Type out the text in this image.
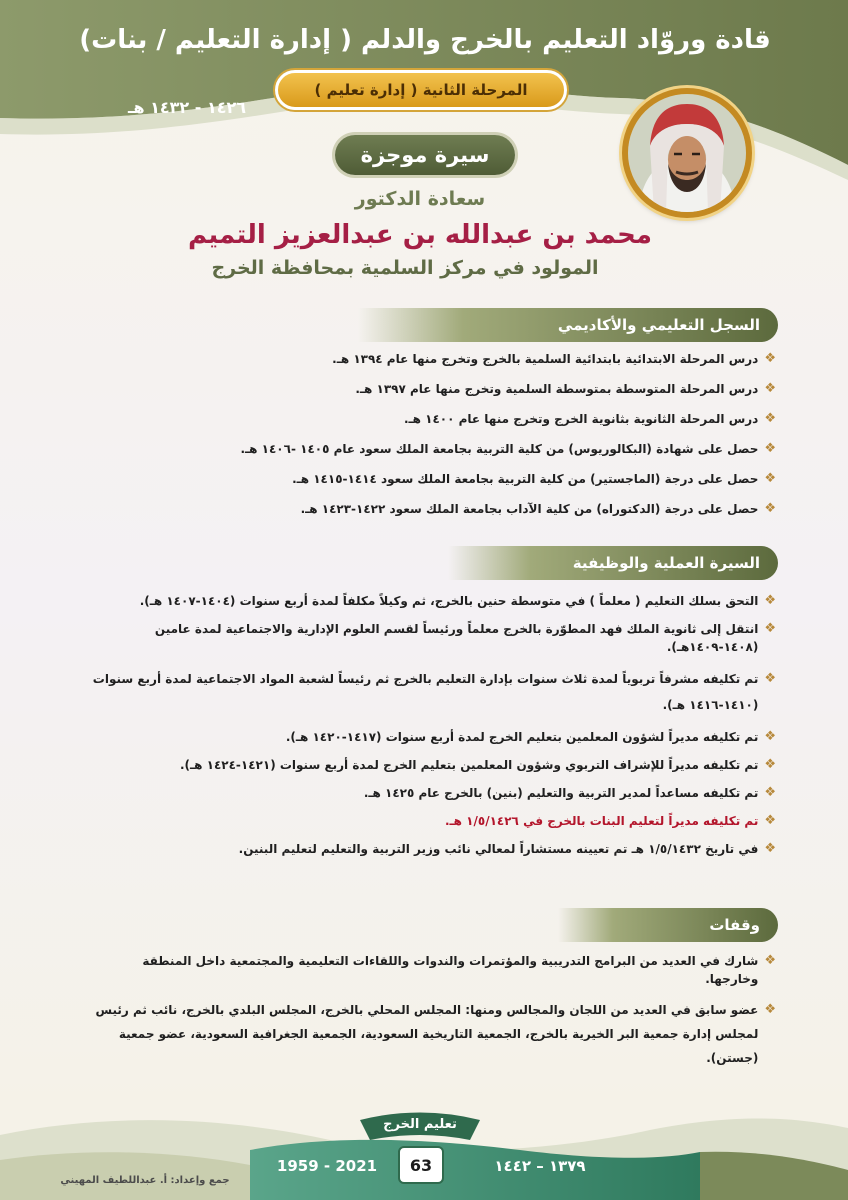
قادة وروّاد التعليم بالخرج والدلم ( إدارة التعليم / بنات)
المرحلة الثانية ( إدارة تعليم )
١٤٢٦ - ١٤٣٢ هـ
سيرة موجزة
سعادة الدكتور
محمد بن عبدالله بن عبدالعزيز التميم
المولود في مركز السلمية بمحافظة الخرج
السجل التعليمي والأكاديمي
❖
درس المرحلة الابتدائية بابتدائية السلمية بالخرج وتخرج منها عام ١٣٩٤ هـ.
❖
درس المرحلة المتوسطة بمتوسطة السلمية وتخرج منها عام ١٣٩٧ هـ.
❖
درس المرحلة الثانوية بثانوية الخرج وتخرج منها عام ١٤٠٠ هـ.
❖
حصل على شهادة (البكالوريوس) من كلية التربية بجامعة الملك سعود عام ١٤٠٥ -١٤٠٦ هـ.
❖
حصل على درجة (الماجستير) من كلية التربية بجامعة الملك سعود ١٤١٤-١٤١٥ هـ.
❖
حصل على درجة (الدكتوراه) من كلية الآداب بجامعة الملك سعود ١٤٢٢-١٤٢٣ هـ.
السيرة العملية والوظيفية
❖
التحق بسلك التعليم ( معلماً ) في متوسطة حنين بالخرج، ثم وكيلاً مكلفاً لمدة أربع سنوات (١٤٠٤-١٤٠٧ هـ).
❖
انتقل إلى ثانوية الملك فهد المطوّرة بالخرج معلماً ورئيساً لقسم العلوم الإدارية والاجتماعية لمدة عامين (١٤٠٨-١٤٠٩هـ).
❖
تم تكليفه مشرفاً تربوياً لمدة ثلاث سنوات بإدارة التعليم بالخرج ثم رئيساً لشعبة المواد الاجتماعية لمدة أربع سنوات (١٤١٠-١٤١٦ هـ).
❖
تم تكليفه مديراً لشؤون المعلمين بتعليم الخرج لمدة أربع سنوات (١٤١٧-١٤٢٠ هـ).
❖
تم تكليفه مديراً للإشراف التربوي وشؤون المعلمين بتعليم الخرج لمدة أربع سنوات (١٤٢١-١٤٢٤ هـ).
❖
تم تكليفه مساعداً لمدير التربية والتعليم (بنين) بالخرج عام ١٤٢٥ هـ.
❖
تم تكليفه مديراً لتعليم البنات بالخرج في ١/٥/١٤٢٦ هـ.
❖
في تاريخ ١/٥/١٤٣٢ هـ تم تعيينه مستشاراً لمعالي نائب وزير التربية والتعليم لتعليم البنين.
وقفات
❖
شارك في العديد من البرامج التدريبية والمؤتمرات والندوات واللقاءات التعليمية والمجتمعية داخل المنطقة وخارجها.
❖
عضو سابق في العديد من اللجان والمجالس ومنها: المجلس المحلي بالخرج، المجلس البلدي بالخرج، نائب ثم رئيس لمجلس إدارة جمعية البر الخيرية بالخرج، الجمعية التاريخية السعودية، الجمعية الجغرافية السعودية، عضو جمعية (جستن).
تعليم الخرج
63	١٣٧٩ – ١٤٤٢
1959 - 2021
جمع وإعداد: أ. عبداللطيف المهيني
